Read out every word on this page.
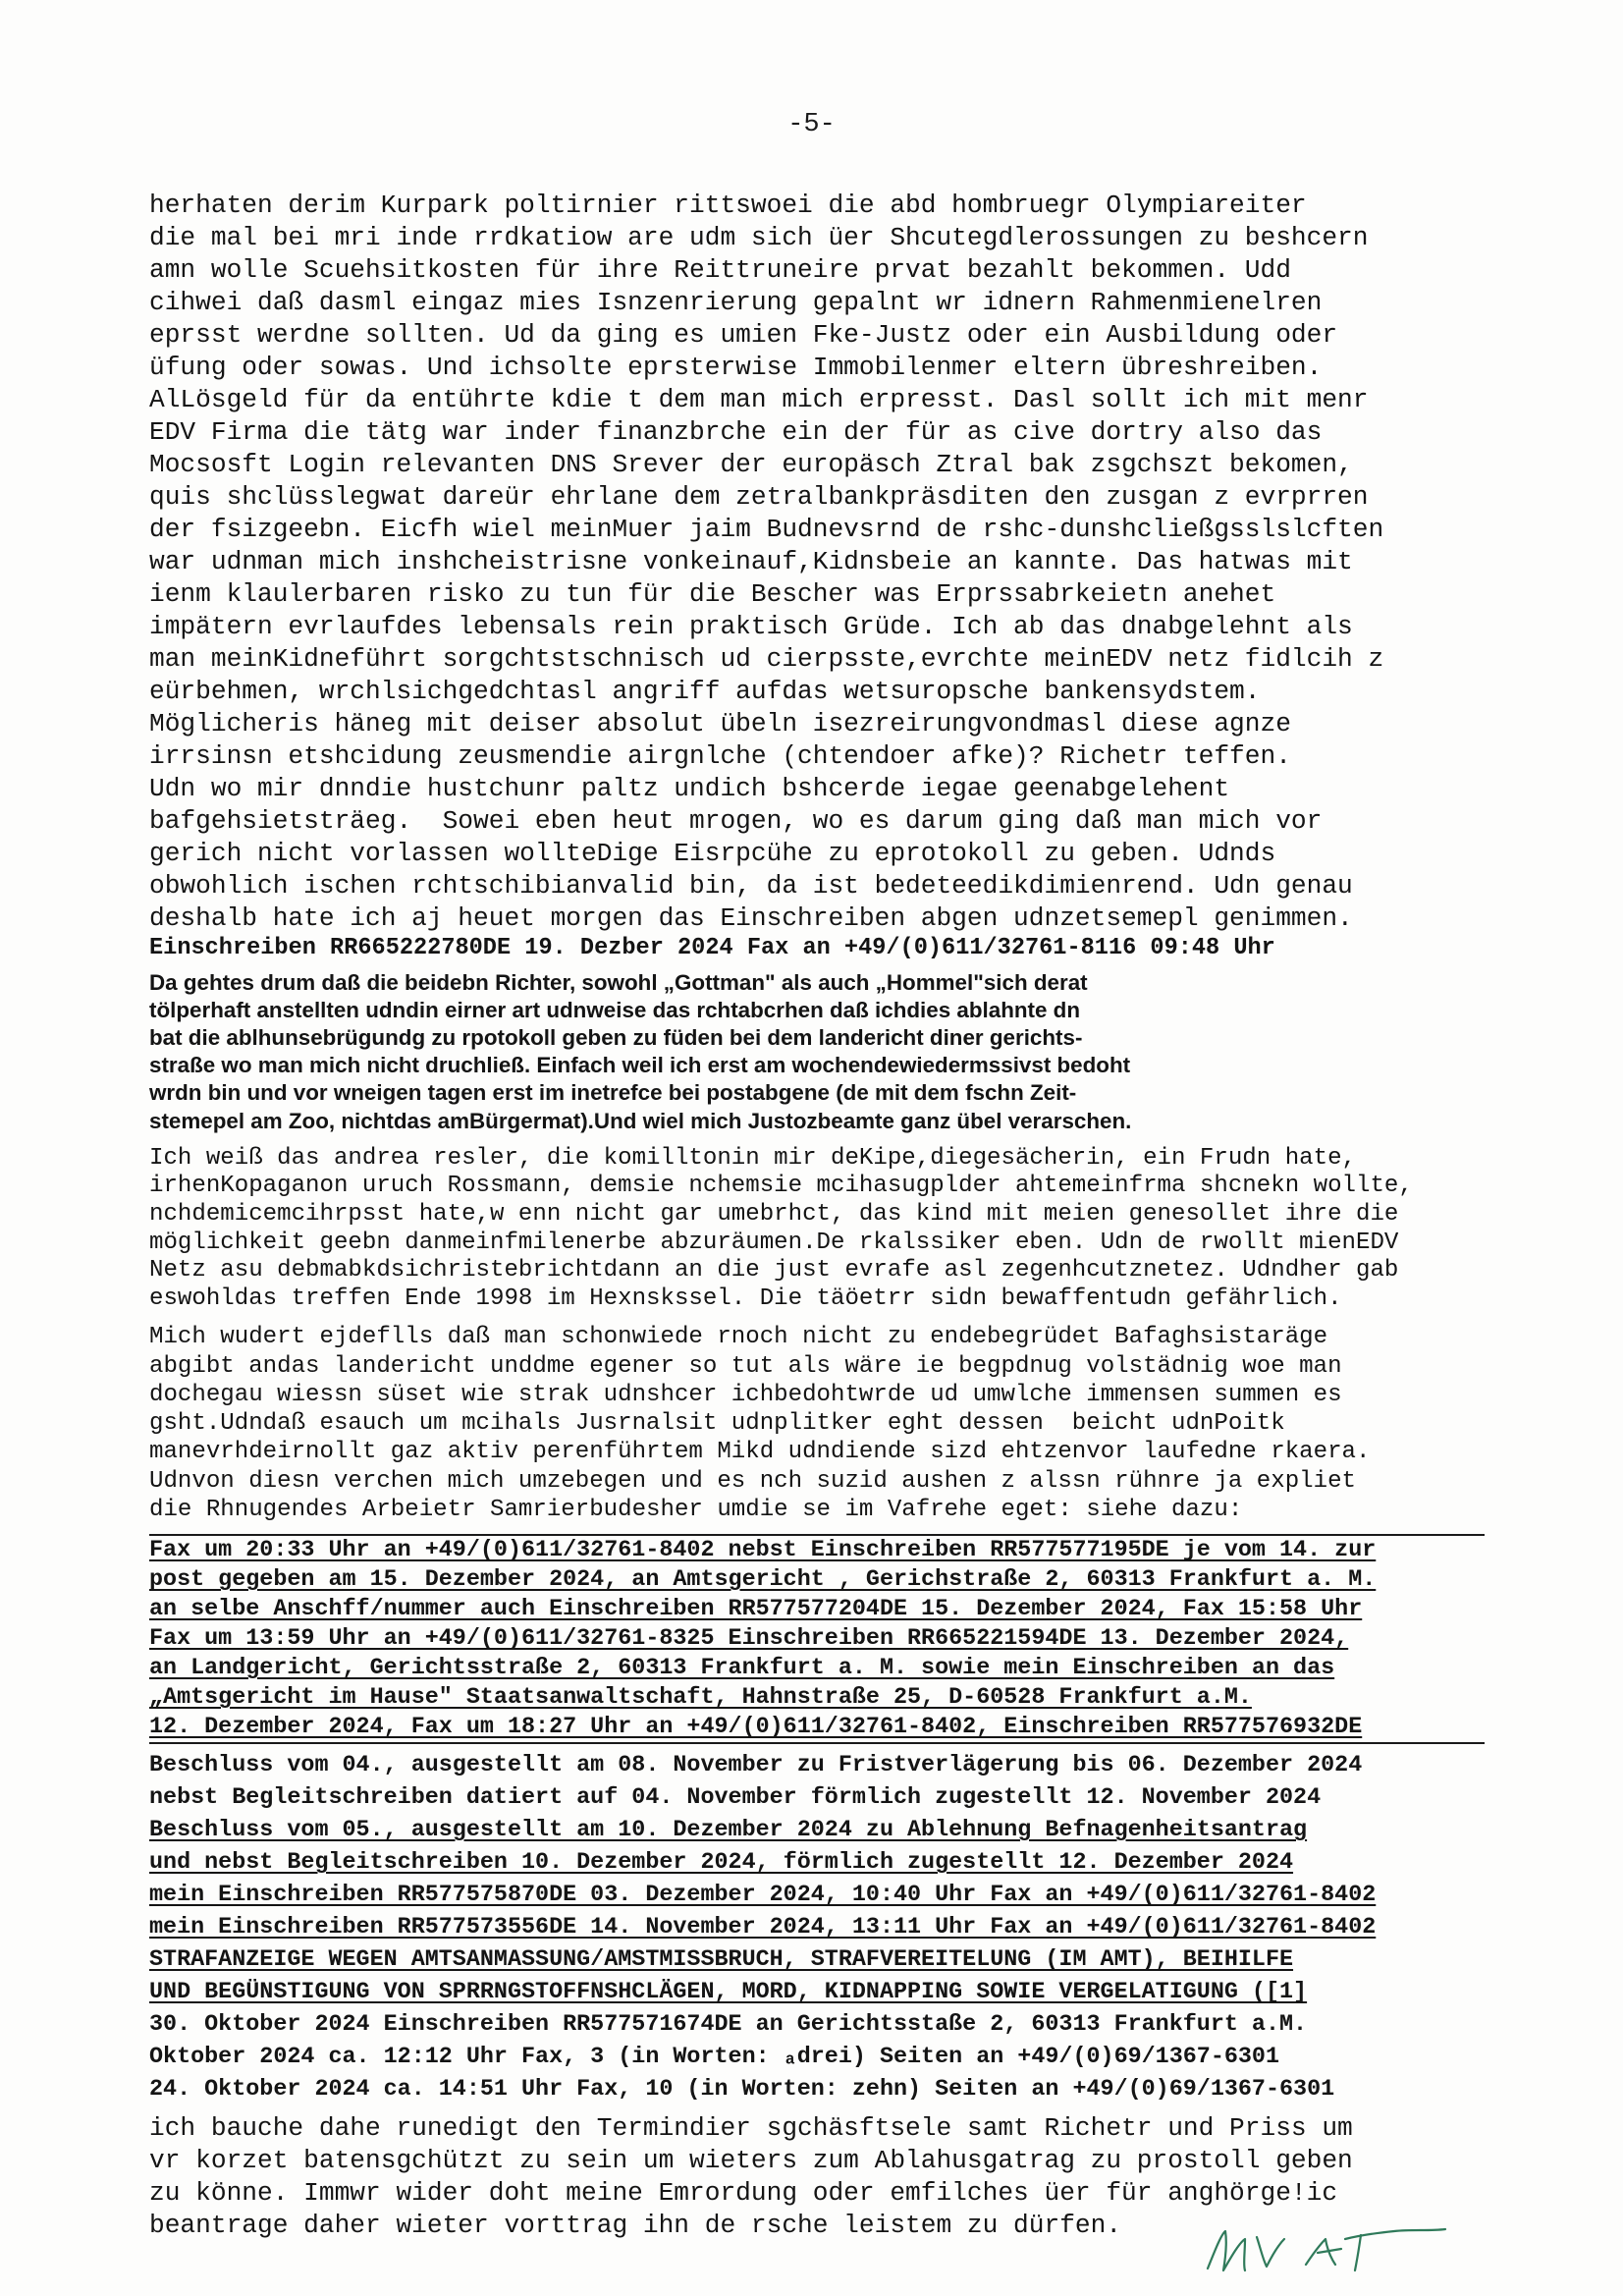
-5-
herhaten derim Kurpark poltirnier rittswoei die abd hombruegr Olympiareiter
die mal bei mri inde rrdkatiow are udm sich üer Shcutegdlerossungen zu beshcern
amn wolle Scuehsitkosten für ihre Reittruneire prvat bezahlt bekommen. Udd
cihwei daß dasml eingaz mies Isnzenrierung gepalnt wr idnern Rahmenmienelren
eprsst werdne sollten. Ud da ging es umien Fke-Justz oder ein Ausbildung oder
üfung oder sowas. Und ichsolte eprsterwise Immobilenmer eltern übreshreiben.
AlLösgeld für da entührte kdie t dem man mich erpresst. Dasl sollt ich mit menr
EDV Firma die tätg war inder finanzbrche ein der für as cive dortry also das
Mocsosft Login relevanten DNS Srever der europäsch Ztral bak zsgchszt bekomen,
quis shclüsslegwat dareür ehrlane dem zetralbankpräsditen den zusgan z evrprren
der fsizgeebn. Eicfh wiel meinMuer jaim Budnevsrnd de rshc-dunshcließgsslslcften
war udnman mich inshcheistrisne vonkeinauf,Kidnsbeie an kannte. Das hatwas mit
ienm klaulerbaren risko zu tun für die Bescher was Erprssabrkeietn anehet
impätern evrlaufdes lebensals rein praktisch Grüde. Ich ab das dnabgelehnt als
man meinKidneführt sorgchtstschnisch ud cierpsste,evrchte meinEDV netz fidlcih z
eürbehmen, wrchlsichgedchtasl angriff aufdas wetsuropsche bankensydstem.
Möglicheris häneg mit deiser absolut übeln isezreirungvondmasl diese agnze
irrsinsn etshcidung zeusmendie airgnlche (chtendoer afke)? Richetr teffen.
Udn wo mir dnndie hustchunr paltz undich bshcerde iegae geenabgelehent
bafgehsietsträeg.  Sowei eben heut mrogen, wo es darum ging daß man mich vor
gerich nicht vorlassen wollteDige Eisrpcühe zu eprotokoll zu geben. Udnds
obwohlich ischen rchtschibianvalid bin, da ist bedeteedikdimienrend. Udn genau
deshalb hate ich aj heuet morgen das Einschreiben abgen udnzetsemepl genimmen.
Einschreiben RR665222780DE 19. Dezber 2024 Fax an +49/(0)611/32761-8116 09:48 Uhr
Da gehtes drum daß die beidebn Richter, sowohl „Gottman" als auch „Hommel"sich derat
tölperhaft anstellten udndin eirner art udnweise das rchtabcrhen daß ichdies ablahnte dn
bat die ablhunsebrügundg zu rpotokoll geben zu füden bei dem landericht diner gerichts-
straße wo man mich nicht druchließ. Einfach weil ich erst am wochendewiedermssivst bedoht
wrdn bin und vor wneigen tagen erst im inetrefce bei postabgene (de mit dem fschn Zeit-
stemepel am Zoo, nichtdas amBürgermat).Und wiel mich Justozbeamte ganz übel verarschen.
Ich weiß das andrea resler, die komilltonin mir deKipe,diegesächerin, ein Frudn hate,
irhenKopaganon uruch Rossmann, demsie nchemsie mcihasugplder ahtemeinfrma shcnekn wollte,
nchdemicemcihrpsst hate,w enn nicht gar umebrhct, das kind mit meien genesollet ihre die
möglichkeit geebn danmeinfmilenerbe abzuräumen.De rkalssiker eben. Udn de rwollt mienEDV
Netz asu debmabkdsichristebrichtdann an die just evrafe asl zegenhcutznetez. Udndher gab
eswohldas treffen Ende 1998 im Hexnskssel. Die täöetrr sidn bewaffentudn gefährlich.
Mich wudert ejdeflls daß man schonwiede rnoch nicht zu endebegrüdet Bafaghsistaräge
abgibt andas landericht unddme egener so tut als wäre ie begpdnug volstädnig woe man
dochegau wiessn süset wie strak udnshcer ichbedohtwrde ud umwlche immensen summen es
gsht.Udndaß esauch um mcihals Jusrnalsit udnplitker eght dessen  beicht udnPoitk
manevrhdeirnollt gaz aktiv perenführtem Mikd udndiende sizd ehtzenvor laufedne rkaera.
Udnvon diesn verchen mich umzebegen und es nch suzid aushen z alssn rühnre ja expliet
die Rhnugendes Arbeietr Samrierbudesher umdie se im Vafrehe eget: siehe dazu:
Fax um 20:33 Uhr an +49/(0)611/32761-8402 nebst Einschreiben RR577577195DE je vom 14. zur
post gegeben am 15. Dezember 2024, an Amtsgericht , Gerichstraße 2, 60313 Frankfurt a. M.
an selbe Anschff/nummer auch Einschreiben RR577577204DE 15. Dezember 2024, Fax 15:58 Uhr
Fax um 13:59 Uhr an +49/(0)611/32761-8325 Einschreiben RR665221594DE 13. Dezember 2024,
an Landgericht, Gerichtsstraße 2, 60313 Frankfurt a. M. sowie mein Einschreiben an das
„Amtsgericht im Hause" Staatsanwaltschaft, Hahnstraße 25, D-60528 Frankfurt a.M.
12. Dezember 2024, Fax um 18:27 Uhr an +49/(0)611/32761-8402, Einschreiben RR577576932DE
Beschluss vom 04., ausgestellt am 08. November zu Fristverlägerung bis 06. Dezember 2024
nebst Begleitschreiben datiert auf 04. November förmlich zugestellt 12. November 2024
Beschluss vom 05., ausgestellt am 10. Dezember 2024 zu Ablehnung Befnagenheitsantrag
und nebst Begleitschreiben 10. Dezember 2024, förmlich zugestellt 12. Dezember 2024
mein Einschreiben RR577575870DE 03. Dezember 2024, 10:40 Uhr Fax an +49/(0)611/32761-8402
mein Einschreiben RR577573556DE 14. November 2024, 13:11 Uhr Fax an +49/(0)611/32761-8402
STRAFANZEIGE WEGEN AMTSANMASSUNG/AMSTMISSBRUCH, STRAFVEREITELUNG (IM AMT), BEIHILFE
UND BEGÜNSTIGUNG VON SPRRNGSTOFFNSHCLÄGEN, MORD, KIDNAPPING SOWIE VERGELATIGUNG ([1]
30. Oktober 2024 Einschreiben RR577571674DE an Gerichtsstaße 2, 60313 Frankfurt a.M.
Oktober 2024 ca. 12:12 Uhr Fax, 3 (in Worten: ₐdrei) Seiten an +49/(0)69/1367-6301
24. Oktober 2024 ca. 14:51 Uhr Fax, 10 (in Worten: zehn) Seiten an +49/(0)69/1367-6301
ich bauche dahe runedigt den Termindier sgchäsftsele samt Richetr und Priss um
vr korzet batensgchützt zu sein um wieters zum Ablahusgatrag zu prostoll geben
zu könne. Immwr wider doht meine Emrordung oder emfilches üer für anghörge!ic
beantrage daher wieter vorttrag ihn de rsche leistem zu dürfen.
